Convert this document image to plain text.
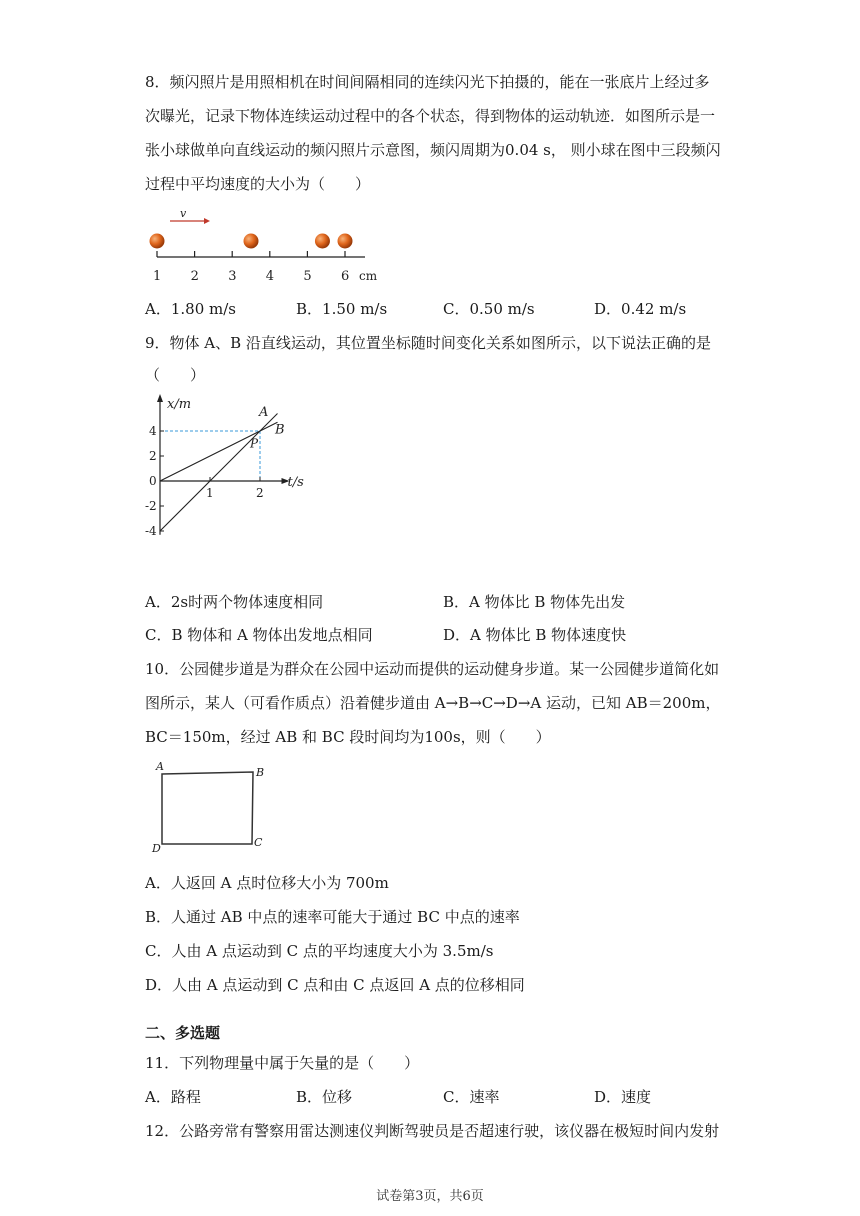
8．频闪照片是用照相机在时间间隔相同的连续闪光下拍摄的，能在一张底片上经过多
次曝光，记录下物体连续运动过程中的各个状态，得到物体的运动轨迹．如图所示是一
张小球做单向直线运动的频闪照片示意图，频闪周期为0.04 s， 则小球在图中三段频闪
过程中平均速度的大小为（　　）
v
1 2 3 4 5 6 cm
A．1.80 m/s	B．1.50 m/s	C．0.50 m/s	D．0.42 m/s
9．物体 A、B 沿直线运动，其位置坐标随时间变化关系如图所示，以下说法正确的是
（　　）
A
B
4
2
0
-2
-4
1	2
x/m
t/s
P
A．2s时两个物体速度相同	B．A 物体比 B 物体先出发
C．B 物体和 A 物体出发地点相同	D．A 物体比 B 物体速度快
10．公园健步道是为群众在公园中运动而提供的运动健身步道。某一公园健步道简化如
图所示，某人（可看作质点）沿着健步道由 A→B→C→D→A 运动，已知 AB＝200m，
BC＝150m，经过 AB 和 BC 段时间均为100s，则（　　）
A	B
C
D
A．人返回 A 点时位移大小为 700m
B．人通过 AB 中点的速率可能大于通过 BC 中点的速率
C．人由 A 点运动到 C 点的平均速度大小为 3.5m/s
D．人由 A 点运动到 C 点和由 C 点返回 A 点的位移相同
二、多选题
11．下列物理量中属于矢量的是（　　）
A．路程	B．位移	C．速率	D．速度
12．公路旁常有警察用雷达测速仪判断驾驶员是否超速行驶，该仪器在极短时间内发射
试卷第3页，共6页
